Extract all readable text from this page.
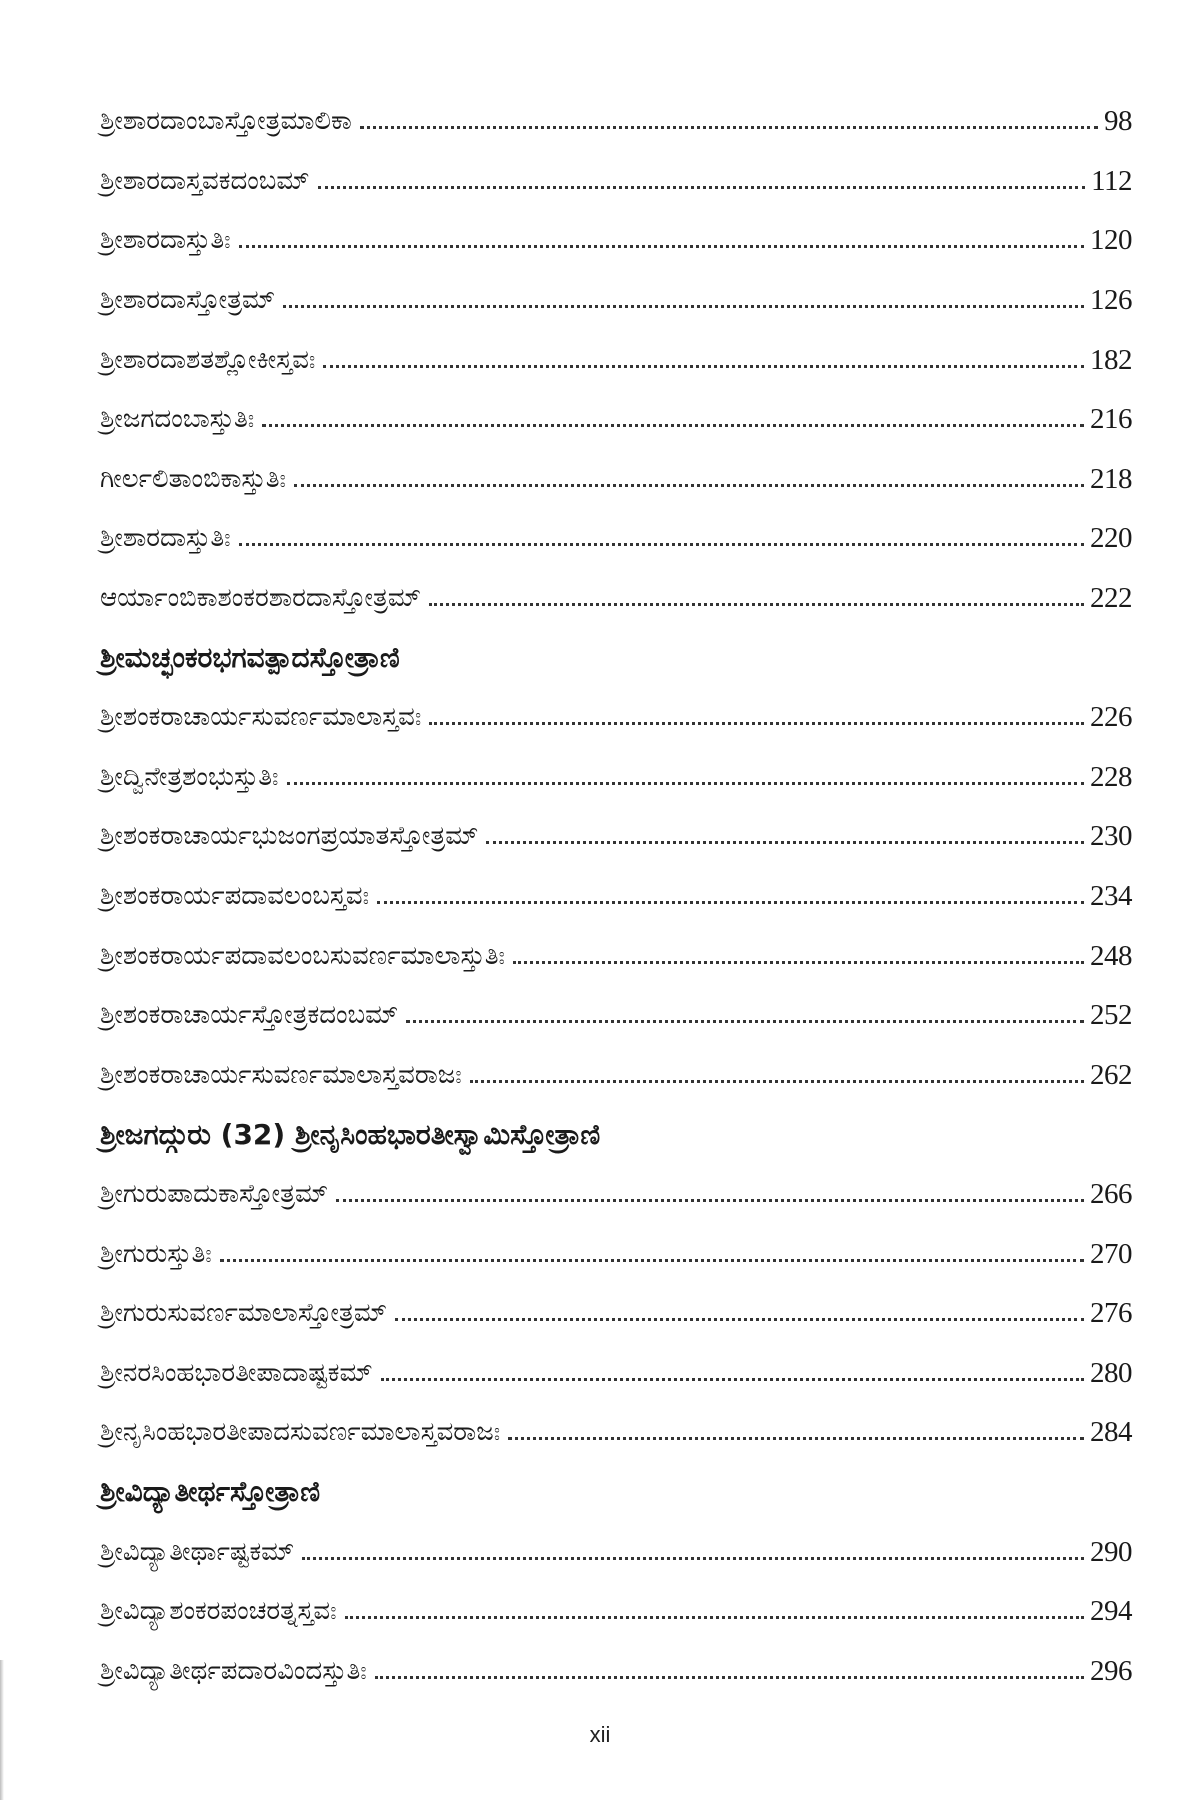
ಶ್ರೀಶಾರದಾಂಬಾಸ್ತೋತ್ರಮಾಲಿಕಾ	98
ಶ್ರೀಶಾರದಾಸ್ತವಕದಂಬಮ್	112
ಶ್ರೀಶಾರದಾಸ್ತುತಿಃ	120
ಶ್ರೀಶಾರದಾಸ್ತೋತ್ರಮ್	126
ಶ್ರೀಶಾರದಾಶತಶ್ಲೋಕೀಸ್ತವಃ	182
ಶ್ರೀಜಗದಂಬಾಸ್ತುತಿಃ	216
ಗೀರ್ಲಲಿತಾಂಬಿಕಾಸ್ತುತಿಃ	218
ಶ್ರೀಶಾರದಾಸ್ತುತಿಃ	220
ಆರ್ಯಾಂಬಿಕಾಶಂಕರಶಾರದಾಸ್ತೋತ್ರಮ್	222
ಶ್ರೀಮಚ್ಛಂಕರಭಗವತ್ಪಾದಸ್ತೋತ್ರಾಣಿ
ಶ್ರೀಶಂಕರಾಚಾರ್ಯಸುವರ್ಣಮಾಲಾಸ್ತವಃ	226
ಶ್ರೀದ್ವಿನೇತ್ರಶಂಭುಸ್ತುತಿಃ	228
ಶ್ರೀಶಂಕರಾಚಾರ್ಯಭುಜಂಗಪ್ರಯಾತಸ್ತೋತ್ರಮ್	230
ಶ್ರೀಶಂಕರಾರ್ಯಪದಾವಲಂಬಸ್ತವಃ	234
ಶ್ರೀಶಂಕರಾರ್ಯಪದಾವಲಂಬಸುವರ್ಣಮಾಲಾಸ್ತುತಿಃ	248
ಶ್ರೀಶಂಕರಾಚಾರ್ಯಸ್ತೋತ್ರಕದಂಬಮ್	252
ಶ್ರೀಶಂಕರಾಚಾರ್ಯಸುವರ್ಣಮಾಲಾಸ್ತವರಾಜಃ	262
ಶ್ರೀಜಗದ್ಗುರು (32) ಶ್ರೀನೃಸಿಂಹಭಾರತೀಸ್ವಾಮಿಸ್ತೋತ್ರಾಣಿ
ಶ್ರೀಗುರುಪಾದುಕಾಸ್ತೋತ್ರಮ್	266
ಶ್ರೀಗುರುಸ್ತುತಿಃ	270
ಶ್ರೀಗುರುಸುವರ್ಣಮಾಲಾಸ್ತೋತ್ರಮ್	276
ಶ್ರೀನರಸಿಂಹಭಾರತೀಪಾದಾಷ್ಟಕಮ್	280
ಶ್ರೀನೃಸಿಂಹಭಾರತೀಪಾದಸುವರ್ಣಮಾಲಾಸ್ತವರಾಜಃ	284
ಶ್ರೀವಿದ್ಯಾತೀರ್ಥಸ್ತೋತ್ರಾಣಿ
ಶ್ರೀವಿದ್ಯಾತೀರ್ಥಾಷ್ಟಕಮ್	290
ಶ್ರೀವಿದ್ಯಾಶಂಕರಪಂಚರತ್ನಸ್ತವಃ	294
ಶ್ರೀವಿದ್ಯಾತೀರ್ಥಪದಾರವಿಂದಸ್ತುತಿಃ	296
xii
